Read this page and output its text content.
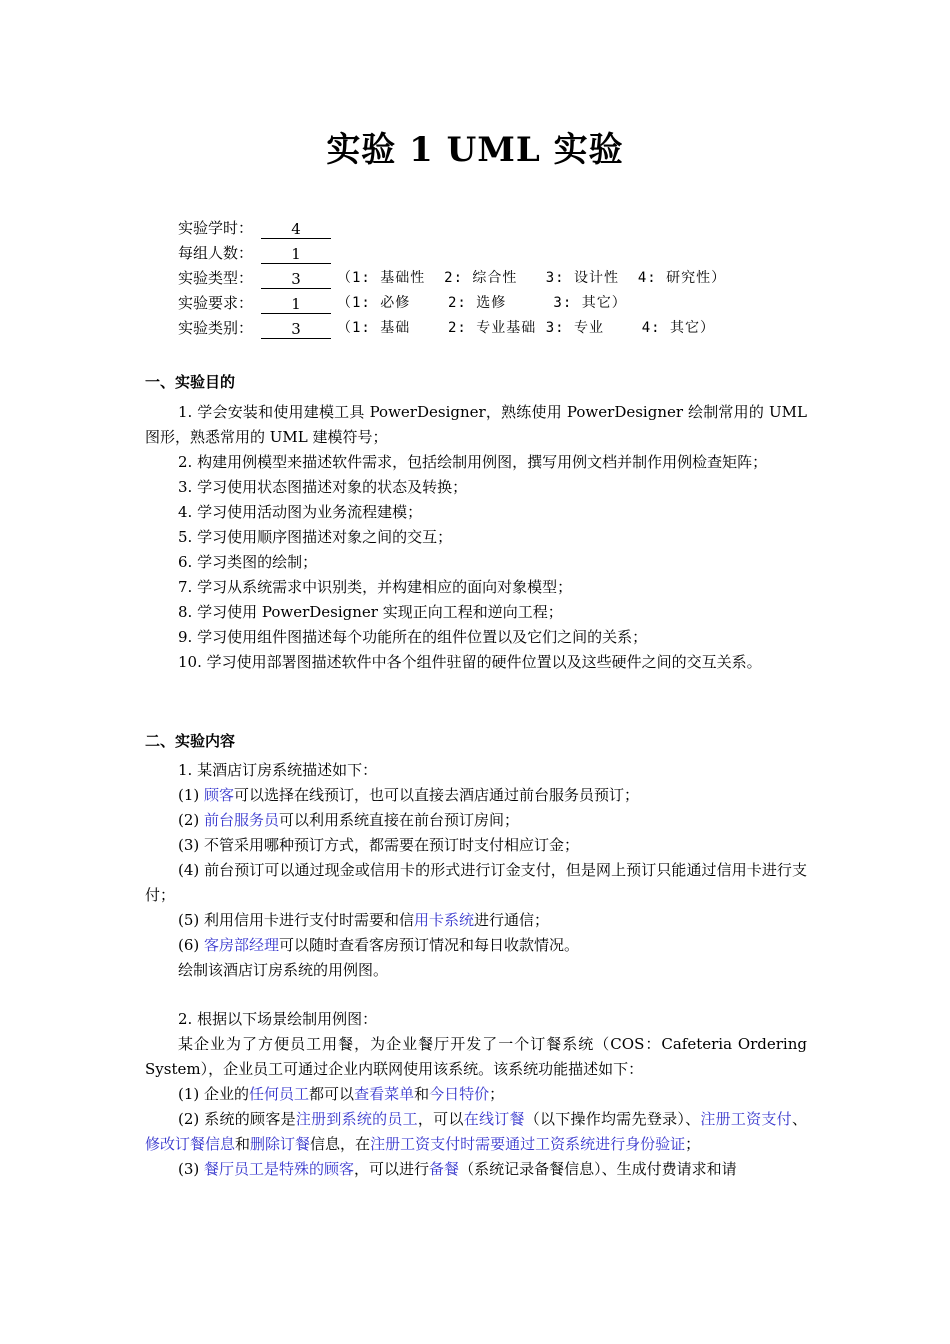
实验 1 UML 实验
实验学时：	4
每组人数：	1
实验类型：	3	（1: 基础性  2: 综合性   3: 设计性  4: 研究性）
实验要求：	1	（1: 必修    2: 选修     3: 其它）
实验类别：	3	（1: 基础    2: 专业基础 3: 专业    4: 其它）
一、实验目的

1. 学会安装和使用建模工具 PowerDesigner，熟练使用 PowerDesigner 绘制常用的 UML 图形，熟悉常用的 UML 建模符号；

2. 构建用例模型来描述软件需求，包括绘制用例图，撰写用例文档并制作用例检查矩阵；

3. 学习使用状态图描述对象的状态及转换；

4. 学习使用活动图为业务流程建模；

5. 学习使用顺序图描述对象之间的交互；

6. 学习类图的绘制；

7. 学习从系统需求中识别类，并构建相应的面向对象模型；

8. 学习使用 PowerDesigner 实现正向工程和逆向工程；

9. 学习使用组件图描述每个功能所在的组件位置以及它们之间的关系；

10. 学习使用部署图描述软件中各个组件驻留的硬件位置以及这些硬件之间的交互关系。

二、实验内容

1. 某酒店订房系统描述如下：

(1) 顾客可以选择在线预订，也可以直接去酒店通过前台服务员预订；

(2) 前台服务员可以利用系统直接在前台预订房间；

(3) 不管采用哪种预订方式，都需要在预订时支付相应订金；

(4) 前台预订可以通过现金或信用卡的形式进行订金支付，但是网上预订只能通过信用卡进行支付；

(5) 利用信用卡进行支付时需要和信用卡系统进行通信；

(6) 客房部经理可以随时查看客房预订情况和每日收款情况。

绘制该酒店订房系统的用例图。

2. 根据以下场景绘制用例图：

某企业为了方便员工用餐，为企业餐厅开发了一个订餐系统（COS：Cafeteria Ordering System），企业员工可通过企业内联网使用该系统。该系统功能描述如下：

(1) 企业的任何员工都可以查看菜单和今日特价；

(2) 系统的顾客是注册到系统的员工，可以在线订餐（以下操作均需先登录）、注册工资支付、修改订餐信息和删除订餐信息，在注册工资支付时需要通过工资系统进行身份验证；

(3) 餐厅员工是特殊的顾客，可以进行备餐（系统记录备餐信息）、生成付费请求和请
